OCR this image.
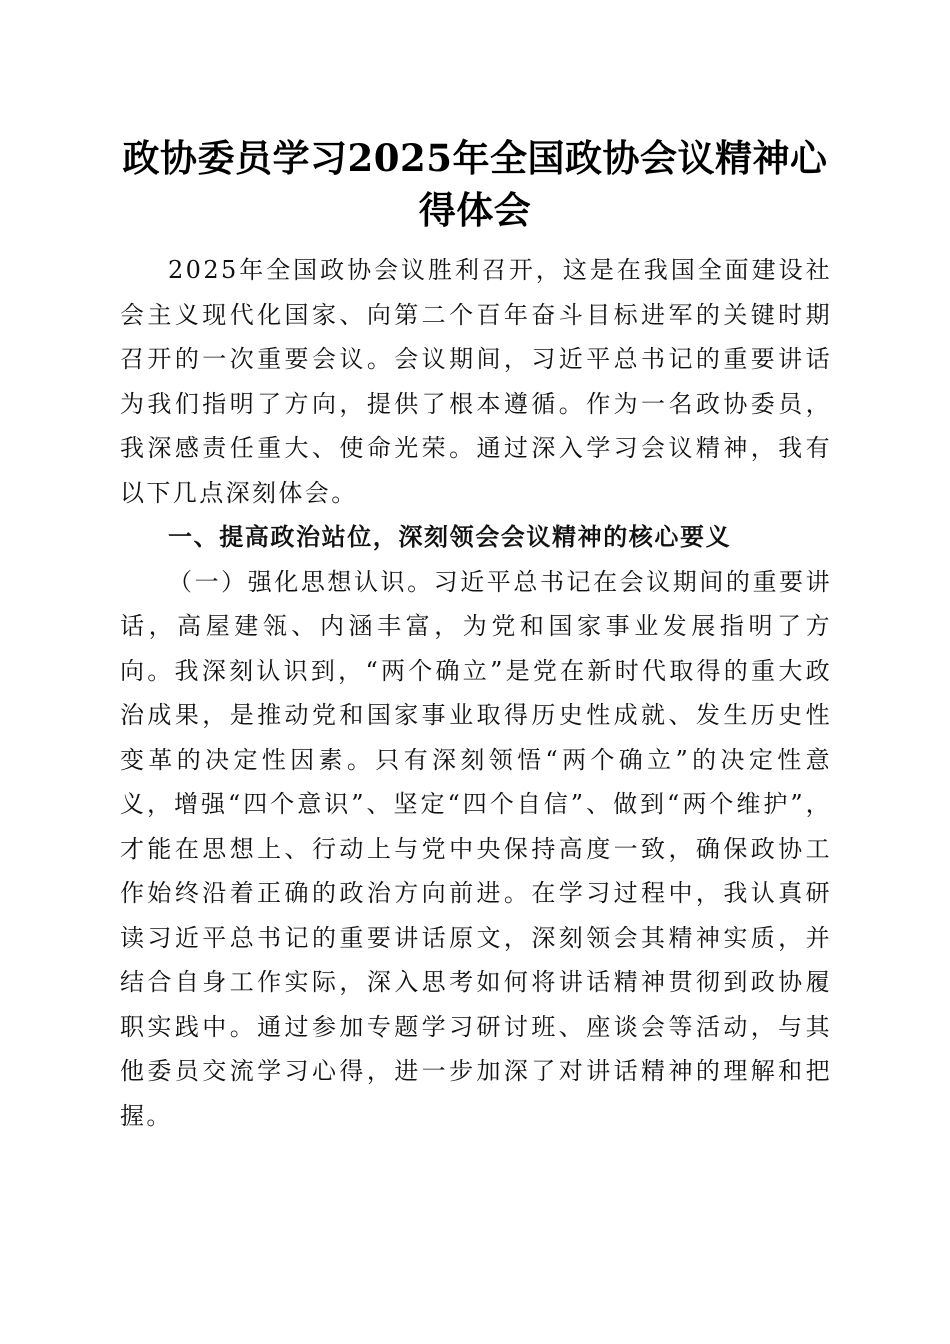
政协委员学习2025年全国政协会议精神心得体会

2025年全国政协会议胜利召开，这是在我国全面建设社会主义现代化国家、向第二个百年奋斗目标进军的关键时期召开的一次重要会议。会议期间，习近平总书记的重要讲话为我们指明了方向，提供了根本遵循。作为一名政协委员，我深感责任重大、使命光荣。通过深入学习会议精神，我有以下几点深刻体会。

一、提高政治站位，深刻领会会议精神的核心要义

（一）强化思想认识。习近平总书记在会议期间的重要讲话，高屋建瓴、内涵丰富，为党和国家事业发展指明了方向。我深刻认识到，“两个确立”是党在新时代取得的重大政治成果，是推动党和国家事业取得历史性成就、发生历史性变革的决定性因素。只有深刻领悟“两个确立”的决定性意义，增强“四个意识”、坚定“四个自信”、做到“两个维护”，才能在思想上、行动上与党中央保持高度一致，确保政协工作始终沿着正确的政治方向前进。在学习过程中，我认真研读习近平总书记的重要讲话原文，深刻领会其精神实质，并结合自身工作实际，深入思考如何将讲话精神贯彻到政协履职实践中。通过参加专题学习研讨班、座谈会等活动，与其他委员交流学习心得，进一步加深了对讲话精神的理解和把握。
